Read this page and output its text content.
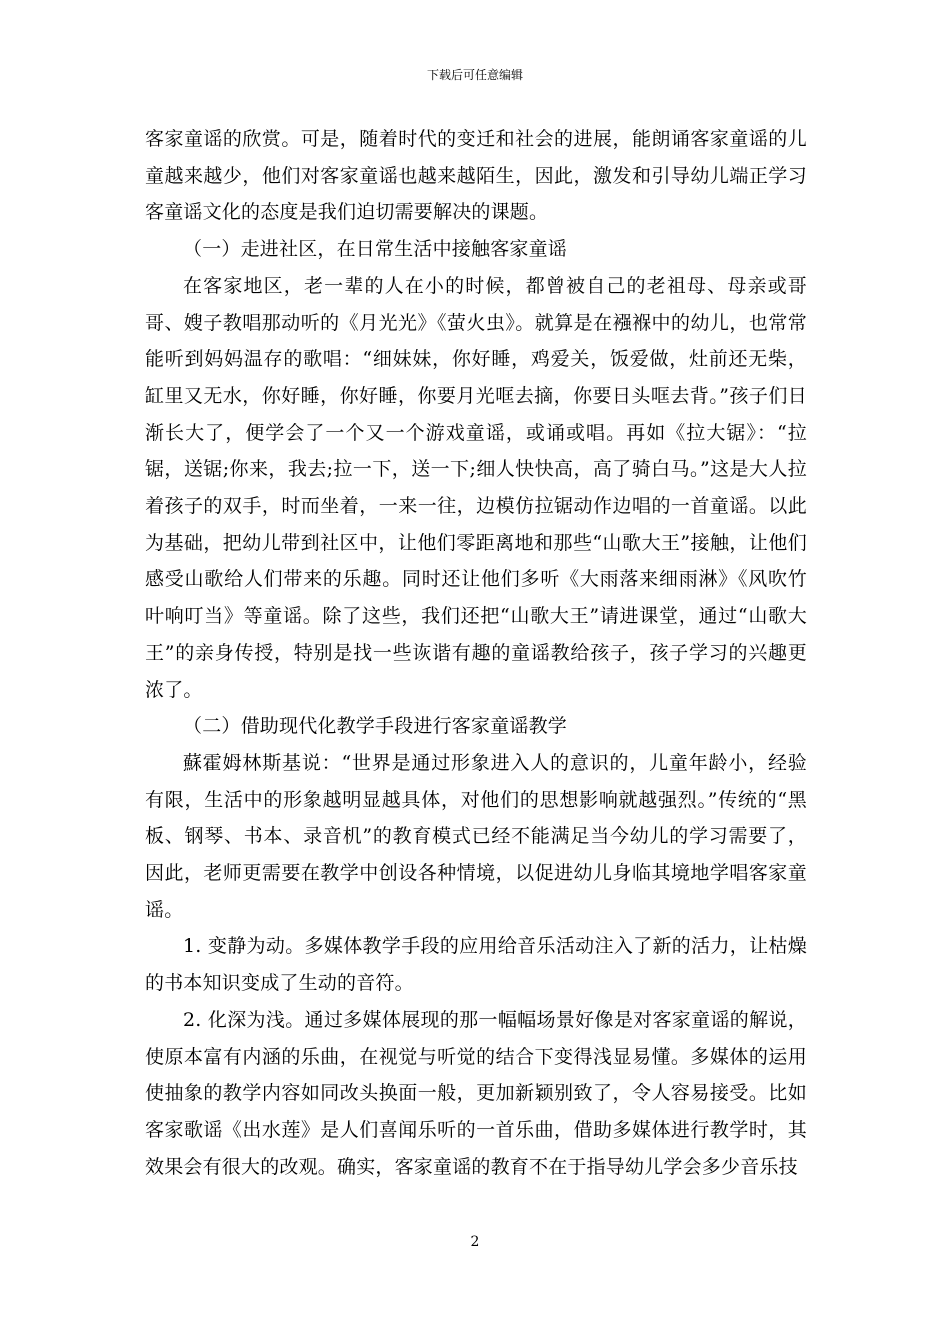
下载后可任意编辑

客家童谣的欣赏。可是，随着时代的变迁和社会的进展，能朗诵客家童谣的儿童越来越少，他们对客家童谣也越来越陌生，因此，激发和引导幼儿端正学习客童谣文化的态度是我们迫切需要解决的课题。

（一）走进社区，在日常生活中接触客家童谣

在客家地区，老一辈的人在小的时候，都曾被自己的老祖母、母亲或哥哥、嫂子教唱那动听的《月光光》《萤火虫》。就算是在襁褓中的幼儿，也常常能听到妈妈温存的歌唱：“细妹妹，你好睡，鸡爱关，饭爱做，灶前还无柴，缸里又无水，你好睡，你好睡，你要月光哐去摘，你要日头哐去背。”孩子们日渐长大了，便学会了一个又一个游戏童谣，或诵或唱。再如《拉大锯》：“拉锯，送锯;你来，我去;拉一下，送一下;细人快快高，高了骑白马。”这是大人拉着孩子的双手，时而坐着，一来一往，边模仿拉锯动作边唱的一首童谣。以此为基础，把幼儿带到社区中，让他们零距离地和那些“山歌大王”接触，让他们感受山歌给人们带来的乐趣。同时还让他们多听《大雨落来细雨淋》《风吹竹叶响叮当》等童谣。除了这些，我们还把“山歌大王”请进课堂，通过“山歌大王”的亲身传授，特别是找一些诙谐有趣的童谣教给孩子，孩子学习的兴趣更浓了。

（二）借助现代化教学手段进行客家童谣教学

蘇霍姆林斯基说：“世界是通过形象进入人的意识的，儿童年龄小，经验有限，生活中的形象越明显越具体，对他们的思想影响就越强烈。”传统的“黑板、钢琴、书本、录音机”的教育模式已经不能满足当今幼儿的学习需要了，因此，老师更需要在教学中创设各种情境，以促进幼儿身临其境地学唱客家童谣。

1. 变静为动。多媒体教学手段的应用给音乐活动注入了新的活力，让枯燥的书本知识变成了生动的音符。

2. 化深为浅。通过多媒体展现的那一幅幅场景好像是对客家童谣的解说，使原本富有内涵的乐曲，在视觉与听觉的结合下变得浅显易懂。多媒体的运用使抽象的教学内容如同改头换面一般，更加新颖别致了，令人容易接受。比如客家歌谣《出水莲》是人们喜闻乐听的一首乐曲，借助多媒体进行教学时，其效果会有很大的改观。确实，客家童谣的教育不在于指导幼儿学会多少音乐技

2
